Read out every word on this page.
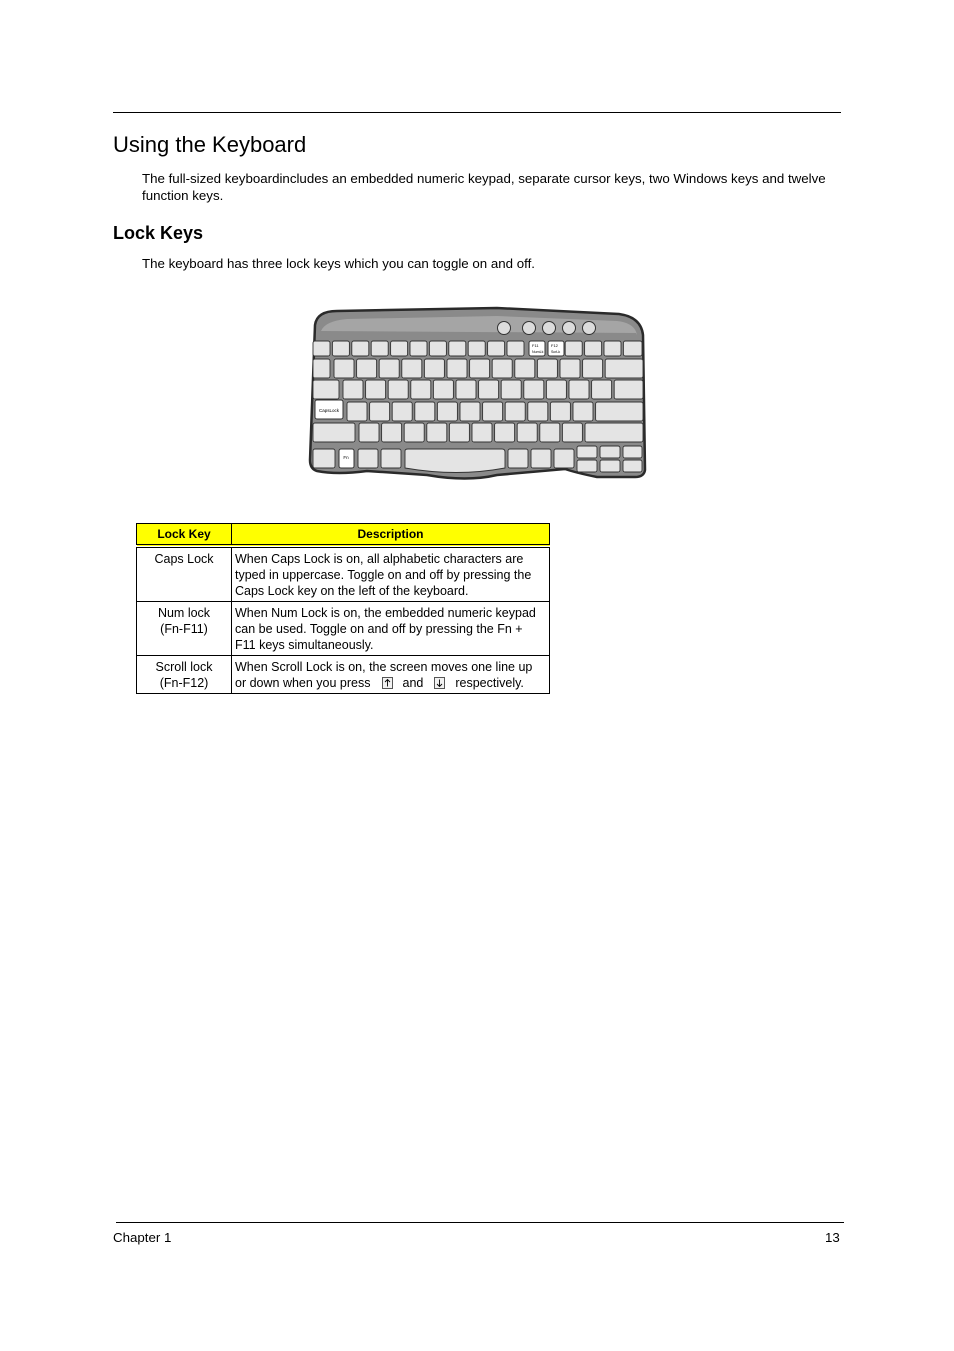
Using the Keyboard

The full-sized keyboardincludes an embedded numeric keypad, separate cursor keys, two Windows keys and twelve function keys.

Lock Keys

The keyboard has three lock keys which you can toggle on and off.

CapsLock
Fn
F11
NumLk
F12
ScrLk
Lock Key	Description
Caps Lock	When Caps Lock is on, all alphabetic characters are typed in uppercase. Toggle on and off by pressing the Caps Lock key on the left of the keyboard.
Num lock
(Fn-F11)	When Num Lock is on, the embedded numeric keypad can be used. Toggle on and off by pressing the Fn + F11 keys simultaneously.
Scroll lock
(Fn-F12)	When Scroll Lock is on, the screen moves one line up or down when you press and respectively.
Chapter 1	13
